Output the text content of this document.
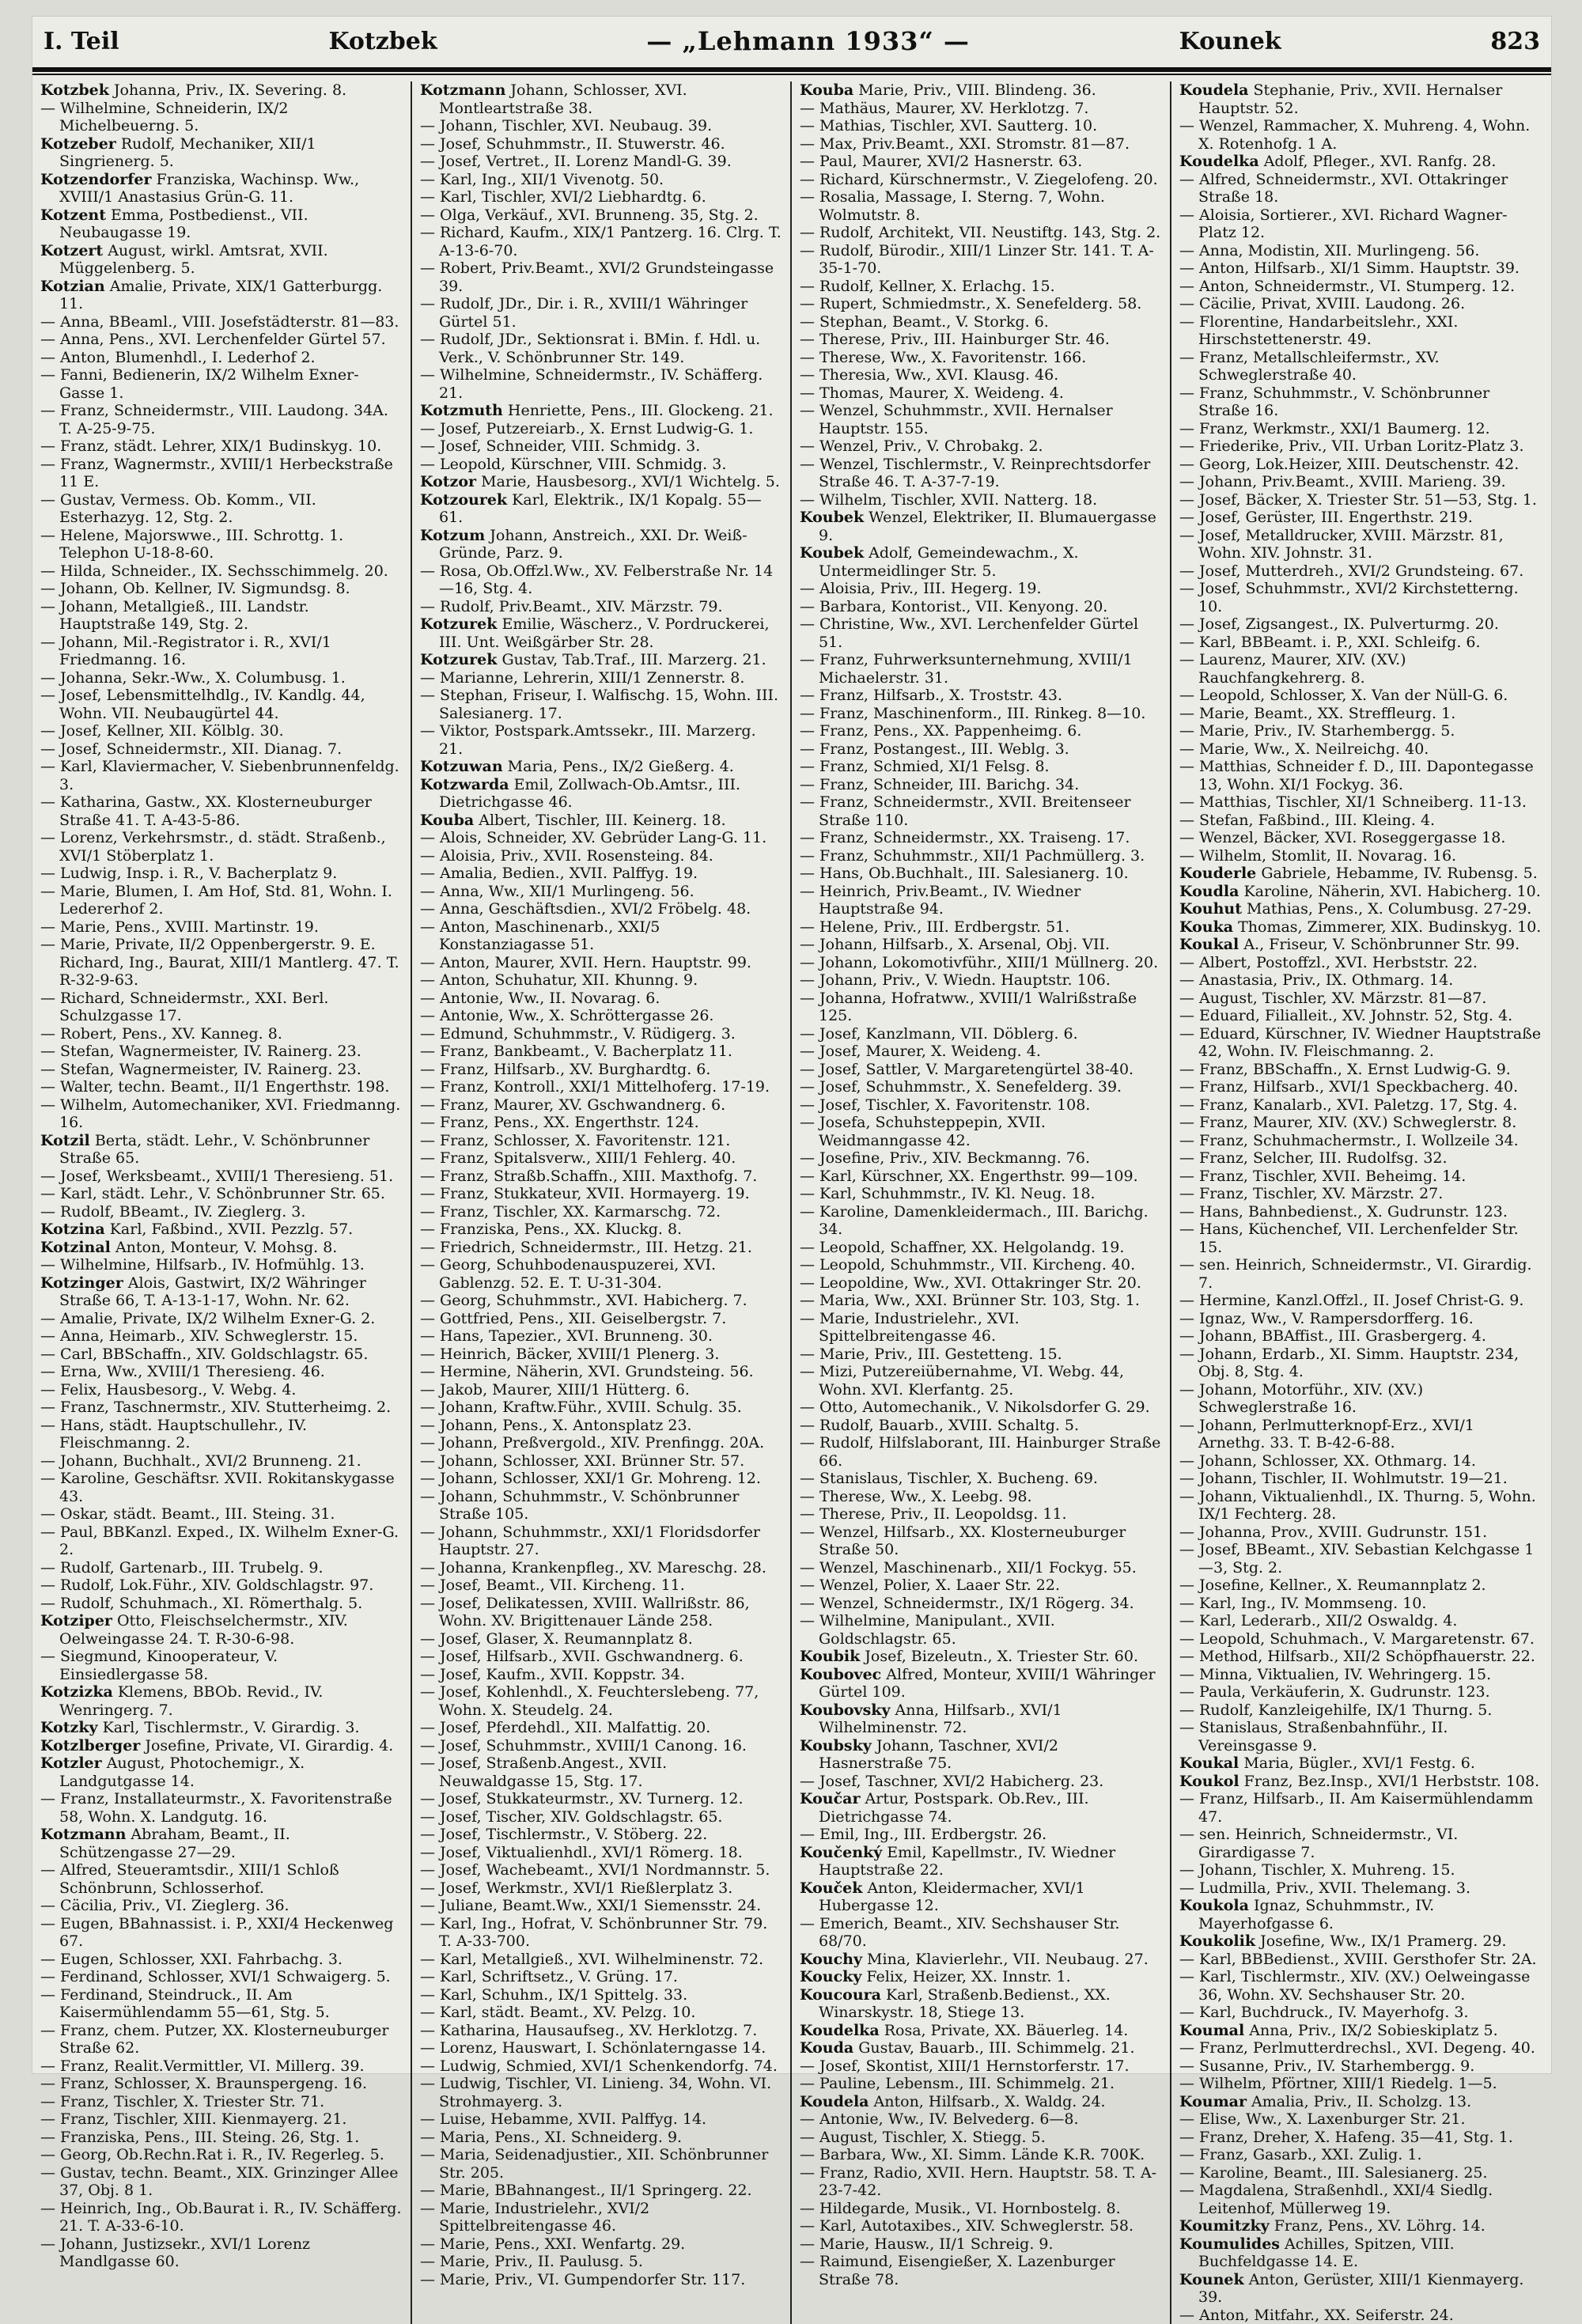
I. Teil	Kotzbek	— „Lehmann 1933“ —	Kounek	823

Kotzbek Johanna, Priv., IX. Severing. 8.

— Wilhelmine, Schneiderin, IX/2 Michelbeuerng. 5.

Kotzeber Rudolf, Mechaniker, XII/1 Singrienerg. 5.

Kotzendorfer Franziska, Wachinsp. Ww., XVIII/1 Anastasius Grün-G. 11.

Kotzent Emma, Postbedienst., VII. Neubaugasse 19.

Kotzert August, wirkl. Amtsrat, XVII. Müggelenberg. 5.

Kotzian Amalie, Private, XIX/1 Gatterburgg. 11.

— Anna, BBeaml., VIII. Josefstädterstr. 81—83.

— Anna, Pens., XVI. Lerchenfelder Gürtel 57.

— Anton, Blumenhdl., I. Lederhof 2.

— Fanni, Bedienerin, IX/2 Wilhelm Exner-Gasse 1.

— Franz, Schneidermstr., VIII. Laudong. 34A. T. A-25-9-75.

— Franz, städt. Lehrer, XIX/1 Budinskyg. 10.

— Franz, Wagnermstr., XVIII/1 Herbeckstraße 11 E.

— Gustav, Vermess. Ob. Komm., VII. Esterhazyg. 12, Stg. 2.

— Helene, Majorswwe., III. Schrottg. 1. Telephon U-18-8-60.

— Hilda, Schneider., IX. Sechsschimmelg. 20.

— Johann, Ob. Kellner, IV. Sigmundsg. 8.

— Johann, Metallgieß., III. Landstr. Hauptstraße 149, Stg. 2.

— Johann, Mil.-Registrator i. R., XVI/1 Friedmanng. 16.

— Johanna, Sekr.-Ww., X. Columbusg. 1.

— Josef, Lebensmittelhdlg., IV. Kandlg. 44, Wohn. VII. Neubaugürtel 44.

— Josef, Kellner, XII. Kölblg. 30.

— Josef, Schneidermstr., XII. Dianag. 7.

— Karl, Klaviermacher, V. Siebenbrunnenfeldg. 3.

— Katharina, Gastw., XX. Klosterneuburger Straße 41. T. A-43-5-86.

— Lorenz, Verkehrsmstr., d. städt. Straßenb., XVI/1 Stöberplatz 1.

— Ludwig, Insp. i. R., V. Bacherplatz 9.

— Marie, Blumen, I. Am Hof, Std. 81, Wohn. I. Ledererhof 2.

— Marie, Pens., XVIII. Martinstr. 19.

— Marie, Private, II/2 Oppenbergerstr. 9. E. Richard, Ing., Baurat, XIII/1 Mantlerg. 47. T. R-32-9-63.

— Richard, Schneidermstr., XXI. Berl. Schulzgasse 17.

— Robert, Pens., XV. Kanneg. 8.

— Stefan, Wagnermeister, IV. Rainerg. 23.

— Stefan, Wagnermeister, IV. Rainerg. 23.

— Walter, techn. Beamt., II/1 Engerthstr. 198.

— Wilhelm, Automechaniker, XVI. Friedmanng. 16.

Kotzil Berta, städt. Lehr., V. Schönbrunner Straße 65.

— Josef, Werksbeamt., XVIII/1 Theresieng. 51.

— Karl, städt. Lehr., V. Schönbrunner Str. 65.

— Rudolf, BBeamt., IV. Zieglerg. 3.

Kotzina Karl, Faßbind., XVII. Pezzlg. 57.

Kotzinal Anton, Monteur, V. Mohsg. 8.

— Wilhelmine, Hilfsarb., IV. Hofmühlg. 13.

Kotzinger Alois, Gastwirt, IX/2 Währinger Straße 66, T. A-13-1-17, Wohn. Nr. 62.

— Amalie, Private, IX/2 Wilhelm Exner-G. 2.

— Anna, Heimarb., XIV. Schweglerstr. 15.

— Carl, BBSchaffn., XIV. Goldschlagstr. 65.

— Erna, Ww., XVIII/1 Theresieng. 46.

— Felix, Hausbesorg., V. Webg. 4.

— Franz, Taschnermstr., XIV. Stutterheimg. 2.

— Hans, städt. Hauptschullehr., IV. Fleischmanng. 2.

— Johann, Buchhalt., XVI/2 Brunneng. 21.

— Karoline, Geschäftsr. XVII. Rokitanskygasse 43.

— Oskar, städt. Beamt., III. Steing. 31.

— Paul, BBKanzl. Exped., IX. Wilhelm Exner-G. 2.

— Rudolf, Gartenarb., III. Trubelg. 9.

— Rudolf, Lok.Führ., XIV. Goldschlagstr. 97.

— Rudolf, Schuhmach., XI. Römerthalg. 5.

Kotziper Otto, Fleischselchermstr., XIV. Oelweingasse 24. T. R-30-6-98.

— Siegmund, Kinooperateur, V. Einsiedlergasse 58.

Kotzizka Klemens, BBOb. Revid., IV. Wenringerg. 7.

Kotzky Karl, Tischlermstr., V. Girardig. 3.

Kotzlberger Josefine, Private, VI. Girardig. 4.

Kotzler August, Photochemigr., X. Landgutgasse 14.

— Franz, Installateurmstr., X. Favoritenstraße 58, Wohn. X. Landgutg. 16.

Kotzmann Abraham, Beamt., II. Schützengasse 27—29.

— Alfred, Steueramtsdir., XIII/1 Schloß Schönbrunn, Schlosserhof.

— Cäcilia, Priv., VI. Zieglerg. 36.

— Eugen, BBahnassist. i. P., XXI/4 Heckenweg 67.

— Eugen, Schlosser, XXI. Fahrbachg. 3.

— Ferdinand, Schlosser, XVI/1 Schwaigerg. 5.

— Ferdinand, Steindruck., II. Am Kaisermühlendamm 55—61, Stg. 5.

— Franz, chem. Putzer, XX. Klosterneuburger Straße 62.

— Franz, Realit.Vermittler, VI. Millerg. 39.

— Franz, Schlosser, X. Braunspergeng. 16.

— Franz, Tischler, X. Triester Str. 71.

— Franz, Tischler, XIII. Kienmayerg. 21.

— Franziska, Pens., III. Steing. 26, Stg. 1.

— Georg, Ob.Rechn.Rat i. R., IV. Regerleg. 5.

— Gustav, techn. Beamt., XIX. Grinzinger Allee 37, Obj. 8 1.

— Heinrich, Ing., Ob.Baurat i. R., IV. Schäfferg. 21. T. A-33-6-10.

— Johann, Justizsekr., XVI/1 Lorenz Mandlgasse 60.

Kotzmann Johann, Schlosser, XVI. Montleartstraße 38.

— Johann, Tischler, XVI. Neubaug. 39.

— Josef, Schuhmmstr., II. Stuwerstr. 46.

— Josef, Vertret., II. Lorenz Mandl-G. 39.

— Karl, Ing., XII/1 Vivenotg. 50.

— Karl, Tischler, XVI/2 Liebhardtg. 6.

— Olga, Verkäuf., XVI. Brunneng. 35, Stg. 2.

— Richard, Kaufm., XIX/1 Pantzerg. 16. Clrg. T. A-13-6-70.

— Robert, Priv.Beamt., XVI/2 Grundsteingasse 39.

— Rudolf, JDr., Dir. i. R., XVIII/1 Währinger Gürtel 51.

— Rudolf, JDr., Sektionsrat i. BMin. f. Hdl. u. Verk., V. Schönbrunner Str. 149.

— Wilhelmine, Schneidermstr., IV. Schäfferg. 21.

Kotzmuth Henriette, Pens., III. Glockeng. 21.

— Josef, Putzereiarb., X. Ernst Ludwig-G. 1.

— Josef, Schneider, VIII. Schmidg. 3.

— Leopold, Kürschner, VIII. Schmidg. 3.

Kotzor Marie, Hausbesorg., XVI/1 Wichtelg. 5.

Kotzourek Karl, Elektrik., IX/1 Kopalg. 55—61.

Kotzum Johann, Anstreich., XXI. Dr. Weiß-Gründe, Parz. 9.

— Rosa, Ob.Offzl.Ww., XV. Felberstraße Nr. 14—16, Stg. 4.

— Rudolf, Priv.Beamt., XIV. Märzstr. 79.

Kotzurek Emilie, Wäscherz., V. Pordruckerei, III. Unt. Weißgärber Str. 28.

Kotzurek Gustav, Tab.Traf., III. Marzerg. 21.

— Marianne, Lehrerin, XIII/1 Zennerstr. 8.

— Stephan, Friseur, I. Walfischg. 15, Wohn. III. Salesianerg. 17.

— Viktor, Postspark.Amtssekr., III. Marzerg. 21.

Kotzuwan Maria, Pens., IX/2 Gießerg. 4.

Kotzwarda Emil, Zollwach-Ob.Amtsr., III. Dietrichgasse 46.

Kouba Albert, Tischler, III. Keinerg. 18.

— Alois, Schneider, XV. Gebrüder Lang-G. 11.

— Aloisia, Priv., XVII. Rosensteing. 84.

— Amalia, Bedien., XVII. Palffyg. 19.

— Anna, Ww., XII/1 Murlingeng. 56.

— Anna, Geschäftsdien., XVI/2 Fröbelg. 48.

— Anton, Maschinenarb., XXI/5 Konstanziagasse 51.

— Anton, Maurer, XVII. Hern. Hauptstr. 99.

— Anton, Schuhatur, XII. Khunng. 9.

— Antonie, Ww., II. Novarag. 6.

— Antonie, Ww., X. Schröttergasse 26.

— Edmund, Schuhmmstr., V. Rüdigerg. 3.

— Franz, Bankbeamt., V. Bacherplatz 11.

— Franz, Hilfsarb., XV. Burghardtg. 6.

— Franz, Kontroll., XXI/1 Mittelhoferg. 17-19.

— Franz, Maurer, XV. Gschwandnerg. 6.

— Franz, Pens., XX. Engerthstr. 124.

— Franz, Schlosser, X. Favoritenstr. 121.

— Franz, Spitalsverw., XIII/1 Fehlerg. 40.

— Franz, Straßb.Schaffn., XIII. Maxthofg. 7.

— Franz, Stukkateur, XVII. Hormayerg. 19.

— Franz, Tischler, XX. Karmarschg. 72.

— Franziska, Pens., XX. Kluckg. 8.

— Friedrich, Schneidermstr., III. Hetzg. 21.

— Georg, Schuhbodenauspuzerei, XVI. Gablenzg. 52. E. T. U-31-304.

— Georg, Schuhmmstr., XVI. Habicherg. 7.

— Gottfried, Pens., XII. Geiselbergstr. 7.

— Hans, Tapezier., XVI. Brunneng. 30.

— Heinrich, Bäcker, XVIII/1 Plenerg. 3.

— Hermine, Näherin, XVI. Grundsteing. 56.

— Jakob, Maurer, XIII/1 Hütterg. 6.

— Johann, Kraftw.Führ., XVIII. Schulg. 35.

— Johann, Pens., X. Antonsplatz 23.

— Johann, Preßvergold., XIV. Prenfingg. 20A.

— Johann, Schlosser, XXI. Brünner Str. 57.

— Johann, Schlosser, XXI/1 Gr. Mohreng. 12.

— Johann, Schuhmmstr., V. Schönbrunner Straße 105.

— Johann, Schuhmmstr., XXI/1 Floridsdorfer Hauptstr. 27.

— Johanna, Krankenpfleg., XV. Mareschg. 28.

— Josef, Beamt., VII. Kircheng. 11.

— Josef, Delikatessen, XVIII. Wallrißstr. 86, Wohn. XV. Brigittenauer Lände 258.

— Josef, Glaser, X. Reumannplatz 8.

— Josef, Hilfsarb., XVII. Gschwandnerg. 6.

— Josef, Kaufm., XVII. Koppstr. 34.

— Josef, Kohlenhdl., X. Feuchterslebeng. 77, Wohn. X. Steudelg. 24.

— Josef, Pferdehdl., XII. Malfattig. 20.

— Josef, Schuhmmstr., XVIII/1 Canong. 16.

— Josef, Straßenb.Angest., XVII. Neuwaldgasse 15, Stg. 17.

— Josef, Stukkateurmstr., XV. Turnerg. 12.

— Josef, Tischer, XIV. Goldschlagstr. 65.

— Josef, Tischlermstr., V. Stöberg. 22.

— Josef, Viktualienhdl., XVI/1 Römerg. 18.

— Josef, Wachebeamt., XVI/1 Nordmannstr. 5.

— Josef, Werkmstr., XVI/1 Rießlerplatz 3.

— Juliane, Beamt.Ww., XXI/1 Siemensstr. 24.

— Karl, Ing., Hofrat, V. Schönbrunner Str. 79. T. A-33-700.

— Karl, Metallgieß., XVI. Wilhelminenstr. 72.

— Karl, Schriftsetz., V. Grüng. 17.

— Karl, Schuhm., IX/1 Spittelg. 33.

— Karl, städt. Beamt., XV. Pelzg. 10.

— Katharina, Hausaufseg., XV. Herklotzg. 7.

— Lorenz, Hauswart, I. Schönlaterngasse 14.

— Ludwig, Schmied, XVI/1 Schenkendorfg. 74.

— Ludwig, Tischler, VI. Linieng. 34, Wohn. VI. Strohmayerg. 3.

— Luise, Hebamme, XVII. Palffyg. 14.

— Maria, Pens., XI. Schneiderg. 9.

— Maria, Seidenadjustier., XII. Schönbrunner Str. 205.

— Marie, BBahnangest., II/1 Springerg. 22.

— Marie, Industrielehr., XVI/2 Spittelbreitengasse 46.

— Marie, Pens., XXI. Wenfartg. 29.

— Marie, Priv., II. Paulusg. 5.

— Marie, Priv., VI. Gumpendorfer Str. 117.

Kouba Marie, Priv., VIII. Blindeng. 36.

— Mathäus, Maurer, XV. Herklotzg. 7.

— Mathias, Tischler, XVI. Sautterg. 10.

— Max, Priv.Beamt., XXI. Stromstr. 81—87.

— Paul, Maurer, XVI/2 Hasnerstr. 63.

— Richard, Kürschnermstr., V. Ziegelofeng. 20.

— Rosalia, Massage, I. Sterng. 7, Wohn. Wolmutstr. 8.

— Rudolf, Architekt, VII. Neustiftg. 143, Stg. 2.

— Rudolf, Bürodir., XIII/1 Linzer Str. 141. T. A-35-1-70.

— Rudolf, Kellner, X. Erlachg. 15.

— Rupert, Schmiedmstr., X. Senefelderg. 58.

— Stephan, Beamt., V. Storkg. 6.

— Therese, Priv., III. Hainburger Str. 46.

— Therese, Ww., X. Favoritenstr. 166.

— Theresia, Ww., XVI. Klausg. 46.

— Thomas, Maurer, X. Weideng. 4.

— Wenzel, Schuhmmstr., XVII. Hernalser Hauptstr. 155.

— Wenzel, Priv., V. Chrobakg. 2.

— Wenzel, Tischlermstr., V. Reinprechtsdorfer Straße 46. T. A-37-7-19.

— Wilhelm, Tischler, XVII. Natterg. 18.

Koubek Wenzel, Elektriker, II. Blumauergasse 9.

Koubek Adolf, Gemeindewachm., X. Untermeidlinger Str. 5.

— Aloisia, Priv., III. Hegerg. 19.

— Barbara, Kontorist., VII. Kenyong. 20.

— Christine, Ww., XVI. Lerchenfelder Gürtel 51.

— Franz, Fuhrwerksunternehmung, XVIII/1 Michaelerstr. 31.

— Franz, Hilfsarb., X. Troststr. 43.

— Franz, Maschinenform., III. Rinkeg. 8—10.

— Franz, Pens., XX. Pappenheimg. 6.

— Franz, Postangest., III. Weblg. 3.

— Franz, Schmied, XI/1 Felsg. 8.

— Franz, Schneider, III. Barichg. 34.

— Franz, Schneidermstr., XVII. Breitenseer Straße 110.

— Franz, Schneidermstr., XX. Traiseng. 17.

— Franz, Schuhmmstr., XII/1 Pachmüllerg. 3.

— Hans, Ob.Buchhalt., III. Salesianerg. 10.

— Heinrich, Priv.Beamt., IV. Wiedner Hauptstraße 94.

— Helene, Priv., III. Erdbergstr. 51.

— Johann, Hilfsarb., X. Arsenal, Obj. VII.

— Johann, Lokomotivführ., XIII/1 Müllnerg. 20.

— Johann, Priv., V. Wiedn. Hauptstr. 106.

— Johanna, Hofratww., XVIII/1 Walrißstraße 125.

— Josef, Kanzlmann, VII. Döblerg. 6.

— Josef, Maurer, X. Weideng. 4.

— Josef, Sattler, V. Margaretengürtel 38-40.

— Josef, Schuhmmstr., X. Senefelderg. 39.

— Josef, Tischler, X. Favoritenstr. 108.

— Josefa, Schuhsteppерin, XVII. Weidmanngasse 42.

— Josefine, Priv., XIV. Beckmanng. 76.

— Karl, Kürschner, XX. Engerthstr. 99—109.

— Karl, Schuhmmstr., IV. Kl. Neug. 18.

— Karoline, Damenkleidermach., III. Barichg. 34.

— Leopold, Schaffner, XX. Helgolandg. 19.

— Leopold, Schuhmmstr., VII. Kircheng. 40.

— Leopoldine, Ww., XVI. Ottakringer Str. 20.

— Maria, Ww., XXI. Brünner Str. 103, Stg. 1.

— Marie, Industrielehr., XVI. Spittelbreitengasse 46.

— Marie, Priv., III. Gestetteng. 15.

— Mizi, Putzereiübernahme, VI. Webg. 44, Wohn. XVI. Klerfantg. 25.

— Otto, Automechanik., V. Nikolsdorfer G. 29.

— Rudolf, Bauarb., XVIII. Schaltg. 5.

— Rudolf, Hilfslaborant, III. Hainburger Straße 66.

— Stanislaus, Tischler, X. Bucheng. 69.

— Therese, Ww., X. Leebg. 98.

— Therese, Priv., II. Leopoldsg. 11.

— Wenzel, Hilfsarb., XX. Klosterneuburger Straße 50.

— Wenzel, Maschinenarb., XII/1 Fockyg. 55.

— Wenzel, Polier, X. Laaer Str. 22.

— Wenzel, Schneidermstr., IX/1 Rögerg. 34.

— Wilhelmine, Manipulant., XVII. Goldschlagstr. 65.

Koubik Josef, Bizeleutn., X. Triester Str. 60.

Koubovec Alfred, Monteur, XVIII/1 Währinger Gürtel 109.

Koubovsky Anna, Hilfsarb., XVI/1 Wilhelminenstr. 72.

Koubsky Johann, Taschner, XVI/2 Hasnerstraße 75.

— Josef, Taschner, XVI/2 Habicherg. 23.

Koučar Artur, Postspark. Ob.Rev., III. Dietrichgasse 74.

— Emil, Ing., III. Erdbergstr. 26.

Koučenký Emil, Kapellmstr., IV. Wiedner Hauptstraße 22.

Kouček Anton, Kleidermacher, XVI/1 Hubergasse 12.

— Emerich, Beamt., XIV. Sechshauser Str. 68/70.

Kouchy Mina, Klavierlehr., VII. Neubaug. 27.

Koucky Felix, Heizer, XX. Innstr. 1.

Koucoura Karl, Straßenb.Bedienst., XX. Winarskystr. 18, Stiege 13.

Koudelka Rosa, Private, XX. Bäuerleg. 14.

Kouda Gustav, Bauarb., III. Schimmelg. 21.

— Josef, Skontist, XIII/1 Hernstorferstr. 17.

— Pauline, Lebensm., III. Schimmelg. 21.

Koudela Anton, Hilfsarb., X. Waldg. 24.

— Antonie, Ww., IV. Belvederg. 6—8.

— August, Tischler, X. Stiegg. 5.

— Barbara, Ww., XI. Simm. Lände K.R. 700K.

— Franz, Radio, XVII. Hern. Hauptstr. 58. T. A-23-7-42.

— Hildegarde, Musik., VI. Hornbostelg. 8.

— Karl, Autotaxibes., XIV. Schweglerstr. 58.

— Marie, Hausw., II/1 Schreig. 9.

— Raimund, Eisengießer, X. Lazenburger Straße 78.

Koudela Stephanie, Priv., XVII. Hernalser Hauptstr. 52.

— Wenzel, Rammacher, X. Muhreng. 4, Wohn. X. Rotenhofg. 1 A.

Koudelka Adolf, Pfleger., XVI. Ranfg. 28.

— Alfred, Schneidermstr., XVI. Ottakringer Straße 18.

— Aloisia, Sortierer., XVI. Richard Wagner-Platz 12.

— Anna, Modistin, XII. Murlingeng. 56.

— Anton, Hilfsarb., XI/1 Simm. Hauptstr. 39.

— Anton, Schneidermstr., VI. Stumperg. 12.

— Cäcilie, Privat, XVIII. Laudong. 26.

— Florentine, Handarbeitslehr., XXI. Hirschstettenerstr. 49.

— Franz, Metallschleifermstr., XV. Schweglerstraße 40.

— Franz, Schuhmmstr., V. Schönbrunner Straße 16.

— Franz, Werkmstr., XXI/1 Baumerg. 12.

— Friederike, Priv., VII. Urban Loritz-Platz 3.

— Georg, Lok.Heizer, XIII. Deutschenstr. 42.

— Johann, Priv.Beamt., XVIII. Marieng. 39.

— Josef, Bäcker, X. Triester Str. 51—53, Stg. 1.

— Josef, Gerüster, III. Engerthstr. 219.

— Josef, Metalldrucker, XVIII. Märzstr. 81, Wohn. XIV. Johnstr. 31.

— Josef, Mutterdreh., XVI/2 Grundsteing. 67.

— Josef, Schuhmmstr., XVI/2 Kirchstetterng. 10.

— Josef, Zigsangest., IX. Pulverturmg. 20.

— Karl, BBBeamt. i. P., XXI. Schleifg. 6.

— Laurenz, Maurer, XIV. (XV.) Rauchfangkehrerg. 8.

— Leopold, Schlosser, X. Van der Nüll-G. 6.

— Marie, Beamt., XX. Streffleurg. 1.

— Marie, Priv., IV. Starhembergg. 5.

— Marie, Ww., X. Neilreichg. 40.

— Matthias, Schneider f. D., III. Dapontegasse 13, Wohn. XI/1 Fockyg. 36.

— Matthias, Tischler, XI/1 Schneiberg. 11-13.

— Stefan, Faßbind., III. Kleing. 4.

— Wenzel, Bäcker, XVI. Roseggergasse 18.

— Wilhelm, Stomlit, II. Novarag. 16.

Kouderle Gabriele, Hebamme, IV. Rubensg. 5.

Koudla Karoline, Näherin, XVI. Habicherg. 10.

Kouhut Mathias, Pens., X. Columbusg. 27-29.

Kouka Thomas, Zimmerer, XIX. Budinskyg. 10.

Koukal A., Friseur, V. Schönbrunner Str. 99.

— Albert, Postoffzl., XVI. Herbststr. 22.

— Anastasia, Priv., IX. Othmarg. 14.

— August, Tischler, XV. Märzstr. 81—87.

— Eduard, Filialleit., XV. Johnstr. 52, Stg. 4.

— Eduard, Kürschner, IV. Wiedner Hauptstraße 42, Wohn. IV. Fleischmanng. 2.

— Franz, BBSchaffn., X. Ernst Ludwig-G. 9.

— Franz, Hilfsarb., XVI/1 Speckbacherg. 40.

— Franz, Kanalarb., XVI. Paletzg. 17, Stg. 4.

— Franz, Maurer, XIV. (XV.) Schweglerstr. 8.

— Franz, Schuhmachermstr., I. Wollzeile 34.

— Franz, Selcher, III. Rudolfsg. 32.

— Franz, Tischler, XVII. Beheimg. 14.

— Franz, Tischler, XV. Märzstr. 27.

— Hans, Bahnbedienst., X. Gudrunstr. 123.

— Hans, Küchenchef, VII. Lerchenfelder Str. 15.

— sen. Heinrich, Schneidermstr., VI. Girardig. 7.

— Hermine, Kanzl.Offzl., II. Josef Christ-G. 9.

— Ignaz, Ww., V. Rampersdorfferg. 16.

— Johann, BBAffist., III. Grasbergerg. 4.

— Johann, Erdarb., XI. Simm. Hauptstr. 234, Obj. 8, Stg. 4.

— Johann, Motorführ., XIV. (XV.) Schweglerstraße 16.

— Johann, Perlmutterknopf-Erz., XVI/1 Arnethg. 33. T. B-42-6-88.

— Johann, Schlosser, XX. Othmarg. 14.

— Johann, Tischler, II. Wohlmutstr. 19—21.

— Johann, Viktualienhdl., IX. Thurng. 5, Wohn. IX/1 Fechterg. 28.

— Johanna, Prov., XVIII. Gudrunstr. 151.

— Josef, BBeamt., XIV. Sebastian Kelchgasse 1—3, Stg. 2.

— Josefine, Kellner., X. Reumannplatz 2.

— Karl, Ing., IV. Mommseng. 10.

— Karl, Lederarb., XII/2 Oswaldg. 4.

— Leopold, Schuhmach., V. Margaretenstr. 67.

— Method, Hilfsarb., XII/2 Schöpfhauerstr. 22.

— Minna, Viktualien, IV. Wehringerg. 15.

— Paula, Verkäuferin, X. Gudrunstr. 123.

— Rudolf, Kanzleigehilfe, IX/1 Thurng. 5.

— Stanislaus, Straßenbahnführ., II. Vereinsgasse 9.

Koukal Maria, Bügler., XVI/1 Festg. 6.

Koukol Franz, Bez.Insp., XVI/1 Herbststr. 108.

— Franz, Hilfsarb., II. Am Kaisermühlendamm 47.

— sen. Heinrich, Schneidermstr., VI. Girardigasse 7.

— Johann, Tischler, X. Muhreng. 15.

— Ludmilla, Priv., XVII. Thelemang. 3.

Koukola Ignaz, Schuhmmstr., IV. Mayerhofgasse 6.

Koukolik Josefine, Ww., IX/1 Pramerg. 29.

— Karl, BBBedienst., XVIII. Gersthofer Str. 2A.

— Karl, Tischlermstr., XIV. (XV.) Oelweingasse 36, Wohn. XV. Sechshauser Str. 20.

— Karl, Buchdruck., IV. Mayerhofg. 3.

Koumal Anna, Priv., IX/2 Sobieskiplatz 5.

— Franz, Perlmutterdrechsl., XVI. Degeng. 40.

— Susanne, Priv., IV. Starhembergg. 9.

— Wilhelm, Pförtner, XIII/1 Riedelg. 1—5.

Koumar Amalia, Priv., II. Scholzg. 13.

— Elise, Ww., X. Laxenburger Str. 21.

— Franz, Dreher, X. Hafeng. 35—41, Stg. 1.

— Franz, Gasarb., XXI. Zulig. 1.

— Karoline, Beamt., III. Salesianerg. 25.

— Magdalena, Straßenhdl., XXI/4 Siedlg. Leitenhof, Müllerweg 19.

Koumitzky Franz, Pens., XV. Löhrg. 14.

Koumulides Achilles, Spitzen, VIII. Buchfeldgasse 14. E.

Kounek Anton, Gerüster, XIII/1 Kienmayerg. 39.

— Anton, Mitfahr., XX. Seiferstr. 24.
